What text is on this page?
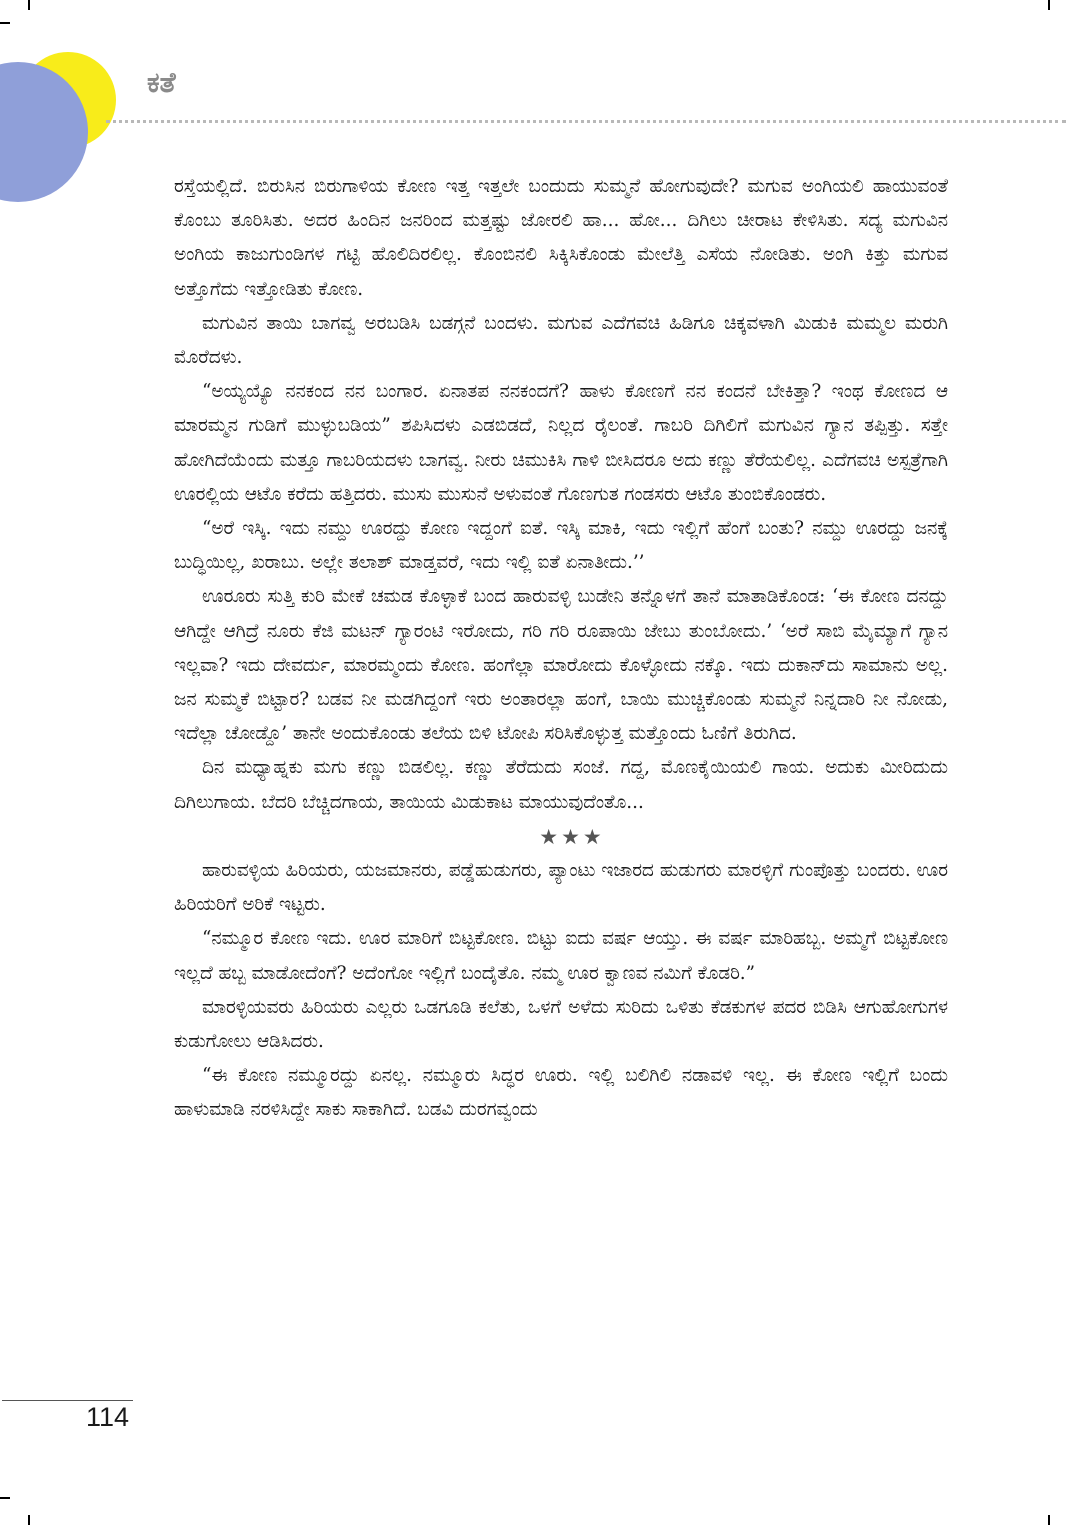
ಕತೆ

ರಸ್ತೆಯಲ್ಲಿದೆ. ಬಿರುಸಿನ ಬಿರುಗಾಳಿಯ ಕೋಣ ಇತ್ತ ಇತ್ತಲೇ ಬಂದುದು ಸುಮ್ಮನೆ ಹೋಗುವುದೇ? ಮಗುವ ಅಂಗಿಯಲಿ ಹಾಯುವಂತೆ ಕೊಂಬು ತೂರಿಸಿತು. ಅದರ ಹಿಂದಿನ ಜನರಿಂದ ಮತ್ತಷ್ಟು ಜೋರಲಿ ಹಾ... ಹೋ... ದಿಗಿಲು ಚೀರಾಟ ಕೇಳಿಸಿತು. ಸದ್ಯ ಮಗುವಿನ ಅಂಗಿಯ ಕಾಜುಗುಂಡಿಗಳ ಗಟ್ಟಿ ಹೊಲಿದಿರಲಿಲ್ಲ. ಕೊಂಬಿನಲಿ ಸಿಕ್ಕಿಸಿಕೊಂಡು ಮೇಲೆತ್ತಿ ಎಸೆಯ ನೋಡಿತು. ಅಂಗಿ ಕಿತ್ತು ಮಗುವ ಅತ್ತೊಗೆದು ಇತ್ತೋಡಿತು ಕೋಣ.

ಮಗುವಿನ ತಾಯಿ ಬಾಗವ್ವ ಅರಬಡಿಸಿ ಬಡಗ್ಗನೆ ಬಂದಳು. ಮಗುವ ಎದೆಗವಚಿ ಹಿಡಿಗೂ ಚಿಕ್ಕವಳಾಗಿ ಮಿಡುಕಿ ಮಮ್ಮಲ ಮರುಗಿ ಮೊರೆದಳು.

“ಅಯ್ಯಯ್ಯೊ ನನಕಂದ ನನ ಬಂಗಾರ. ಏನಾತಪ ನನಕಂದಗೆ? ಹಾಳು ಕೋಣಗೆ ನನ ಕಂದನೆ ಬೇಕಿತ್ತಾ? ಇಂಥ ಕೋಣದ ಆ ಮಾರಮ್ಮನ ಗುಡಿಗೆ ಮುಳ್ಳುಬಡಿಯ” ಶಪಿಸಿದಳು ಎಡಬಿಡದೆ, ನಿಲ್ಲದ ರೈಲಂತೆ. ಗಾಬರಿ ದಿಗಿಲಿಗೆ ಮಗುವಿನ ಗ್ಯಾನ ತಪ್ಪಿತ್ತು. ಸತ್ತೇ ಹೋಗಿದೆಯೆಂದು ಮತ್ತೂ ಗಾಬರಿಯದಳು ಬಾಗವ್ವ. ನೀರು ಚಿಮುಕಿಸಿ ಗಾಳಿ ಬೀಸಿದರೂ ಅದು ಕಣ್ಣು ತೆರೆಯಲಿಲ್ಲ. ಎದೆಗವಚಿ ಅಸ್ಪತ್ರೆಗಾಗಿ ಊರಲ್ಲಿಯ ಆಟೊ ಕರೆದು ಹತ್ತಿದರು. ಮುಸು ಮುಸುನೆ ಅಳುವಂತೆ ಗೊಣಗುತ ಗಂಡಸರು ಆಟೊ ತುಂಬಿಕೊಂಡರು.

“ಅರೆ ಇಸ್ಕಿ. ಇದು ನಮ್ದು ಊರದ್ದು ಕೋಣ ಇದ್ದಂಗೆ ಐತೆ. ಇಸ್ಕಿ ಮಾಕಿ, ಇದು ಇಲ್ಲಿಗೆ ಹೆಂಗೆ ಬಂತು? ನಮ್ದು ಊರದ್ದು ಜನಕ್ಕೆ ಬುದ್ಧಿಯಿಲ್ಲ, ಖರಾಬು. ಅಲ್ಲೇ ತಲಾಶ್ ಮಾಡ್ತವರೆ, ಇದು ಇಲ್ಲಿ ಐತೆ ಏನಾತೀದು.’’

ಊರೂರು ಸುತ್ತಿ ಕುರಿ ಮೇಕೆ ಚಮಡ ಕೊಳ್ಳಾಕೆ ಬಂದ ಹಾರುವಳ್ಳಿ ಬುಡೇನಿ ತನ್ನೊಳಗೆ ತಾನೆ ಮಾತಾಡಿಕೊಂಡ: ‘ಈ ಕೋಣ ದನದ್ದು ಆಗಿದ್ದೇ ಆಗಿದ್ರೆ ನೂರು ಕೆಜಿ ಮಟನ್ ಗ್ಯಾರಂಟಿ ಇರೋದು, ಗರಿ ಗರಿ ರೂಪಾಯಿ ಜೇಬು ತುಂಬೋದು.’ ‘ಅರೆ ಸಾಬಿ ಮೈಮ್ಯಾಗೆ ಗ್ಯಾನ ಇಲ್ಲವಾ? ಇದು ದೇವರ್ದು, ಮಾರಮ್ಮಂದು ಕೋಣ. ಹಂಗೆಲ್ಲಾ ಮಾರೋದು ಕೊಳ್ಳೋದು ನಕ್ಕೊ. ಇದು ದುಕಾನ್‌ದು ಸಾಮಾನು ಅಲ್ಲ. ಜನ ಸುಮ್ಮಕೆ ಬಿಟ್ಟಾರ? ಬಡವ ನೀ ಮಡಗಿದ್ದಂಗೆ ಇರು ಅಂತಾರಲ್ಲಾ ಹಂಗೆ, ಬಾಯಿ ಮುಚ್ಚಿಕೊಂಡು ಸುಮ್ಮನೆ ನಿನ್ನದಾರಿ ನೀ ನೋಡು, ಇದೆಲ್ಲಾ ಚೋಡ್ದೊ’ ತಾನೇ ಅಂದುಕೊಂಡು ತಲೆಯ ಬಿಳಿ ಟೋಪಿ ಸರಿಸಿಕೊಳ್ಳುತ್ತ ಮತ್ತೊಂದು ಓಣಿಗೆ ತಿರುಗಿದ.

ದಿನ ಮಧ್ಯಾಹ್ನಕು ಮಗು ಕಣ್ಣು ಬಿಡಲಿಲ್ಲ. ಕಣ್ಣು ತೆರೆದುದು ಸಂಜೆ. ಗದ್ದ, ಮೊಣಕೈಯಿಯಲಿ ಗಾಯ. ಅದುಕು ಮೀರಿದುದು ದಿಗಿಲುಗಾಯ. ಬೆದರಿ ಬೆಚ್ಚಿದಗಾಯ, ತಾಯಿಯ ಮಿಡುಕಾಟ ಮಾಯುವುದೆಂತೊ...

★★★

ಹಾರುವಳ್ಳಿಯ ಹಿರಿಯರು, ಯಜಮಾನರು, ಪಡ್ಡೆಹುಡುಗರು, ಪ್ಯಾಂಟು ಇಜಾರದ ಹುಡುಗರು ಮಾರಳ್ಳಿಗೆ ಗುಂಪೊತ್ತು ಬಂದರು. ಊರ ಹಿರಿಯರಿಗೆ ಅರಿಕೆ ಇಟ್ಟರು.

“ನಮ್ಮೂರ ಕೋಣ ಇದು. ಊರ ಮಾರಿಗೆ ಬಿಟ್ಟಕೋಣ. ಬಿಟ್ಟು ಐದು ವರ್ಷ ಆಯ್ತು. ಈ ವರ್ಷ ಮಾರಿಹಬ್ಬ. ಅಮ್ಮಗೆ ಬಿಟ್ಟಕೋಣ ಇಲ್ಲದೆ ಹಬ್ಬ ಮಾಡೋದೆಂಗೆ? ಅದೆಂಗೋ ಇಲ್ಲಿಗೆ ಬಂದೈತೊ. ನಮ್ಮ ಊರ ಕ್ವಾಣವ ನಮಿಗೆ ಕೊಡರಿ.”

ಮಾರಳ್ಳಿಯವರು ಹಿರಿಯರು ಎಲ್ಲರು ಒಡಗೂಡಿ ಕಲೆತು, ಒಳಗೆ ಅಳೆದು ಸುರಿದು ಒಳಿತು ಕೆಡಕುಗಳ ಪದರ ಬಿಡಿಸಿ ಆಗುಹೋಗುಗಳ ಕುಡುಗೋಲು ಆಡಿಸಿದರು.

“ಈ ಕೋಣ ನಮ್ಮೂರದ್ದು ಏನಲ್ಲ. ನಮ್ಮೂರು ಸಿದ್ಧರ ಊರು. ಇಲ್ಲಿ ಬಲಿಗಿಲಿ ನಡಾವಳಿ ಇಲ್ಲ. ಈ ಕೋಣ ಇಲ್ಲಿಗೆ ಬಂದು ಹಾಳುಮಾಡಿ ನರಳಿಸಿದ್ದೇ ಸಾಕು ಸಾಕಾಗಿದೆ. ಬಡವಿ ದುರಗವ್ವಂದು

114
